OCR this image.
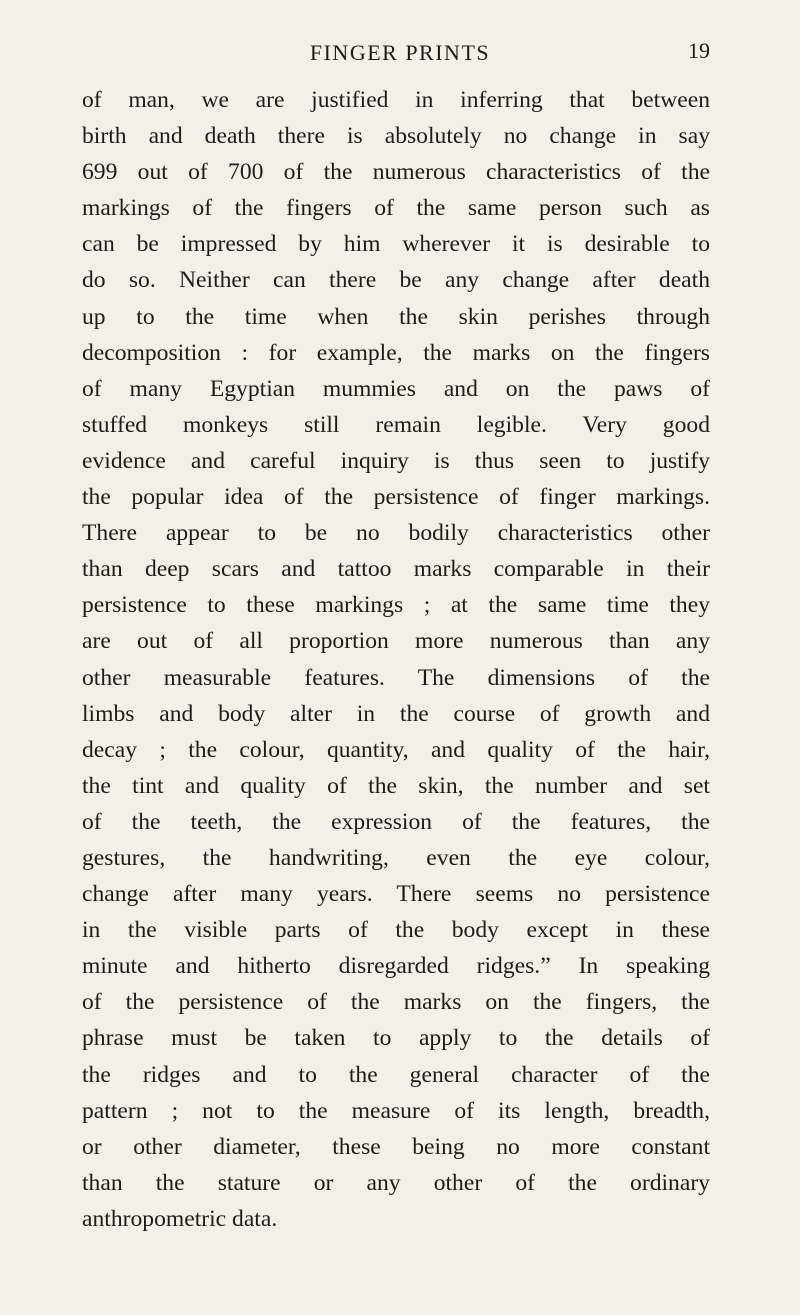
FINGER PRINTS	19
of man, we are justified in inferring that between
birth and death there is absolutely no change in say
699 out of 700 of the numerous characteristics of the
markings of the fingers of the same person such as
can be impressed by him wherever it is desirable to
do so. Neither can there be any change after death
up to the time when the skin perishes through
decomposition : for example, the marks on the fingers
of many Egyptian mummies and on the paws of
stuffed monkeys still remain legible. Very good
evidence and careful inquiry is thus seen to justify
the popular idea of the persistence of finger markings.
There appear to be no bodily characteristics other
than deep scars and tattoo marks comparable in their
persistence to these markings ; at the same time they
are out of all proportion more numerous than any
other measurable features. The dimensions of the
limbs and body alter in the course of growth and
decay ; the colour, quantity, and quality of the hair,
the tint and quality of the skin, the number and set
of the teeth, the expression of the features, the
gestures, the handwriting, even the eye colour,
change after many years. There seems no persistence
in the visible parts of the body except in these
minute and hitherto disregarded ridges.” In speaking
of the persistence of the marks on the fingers, the
phrase must be taken to apply to the details of
the ridges and to the general character of the
pattern ; not to the measure of its length, breadth,
or other diameter, these being no more constant
than the stature or any other of the ordinary
anthropometric data.
